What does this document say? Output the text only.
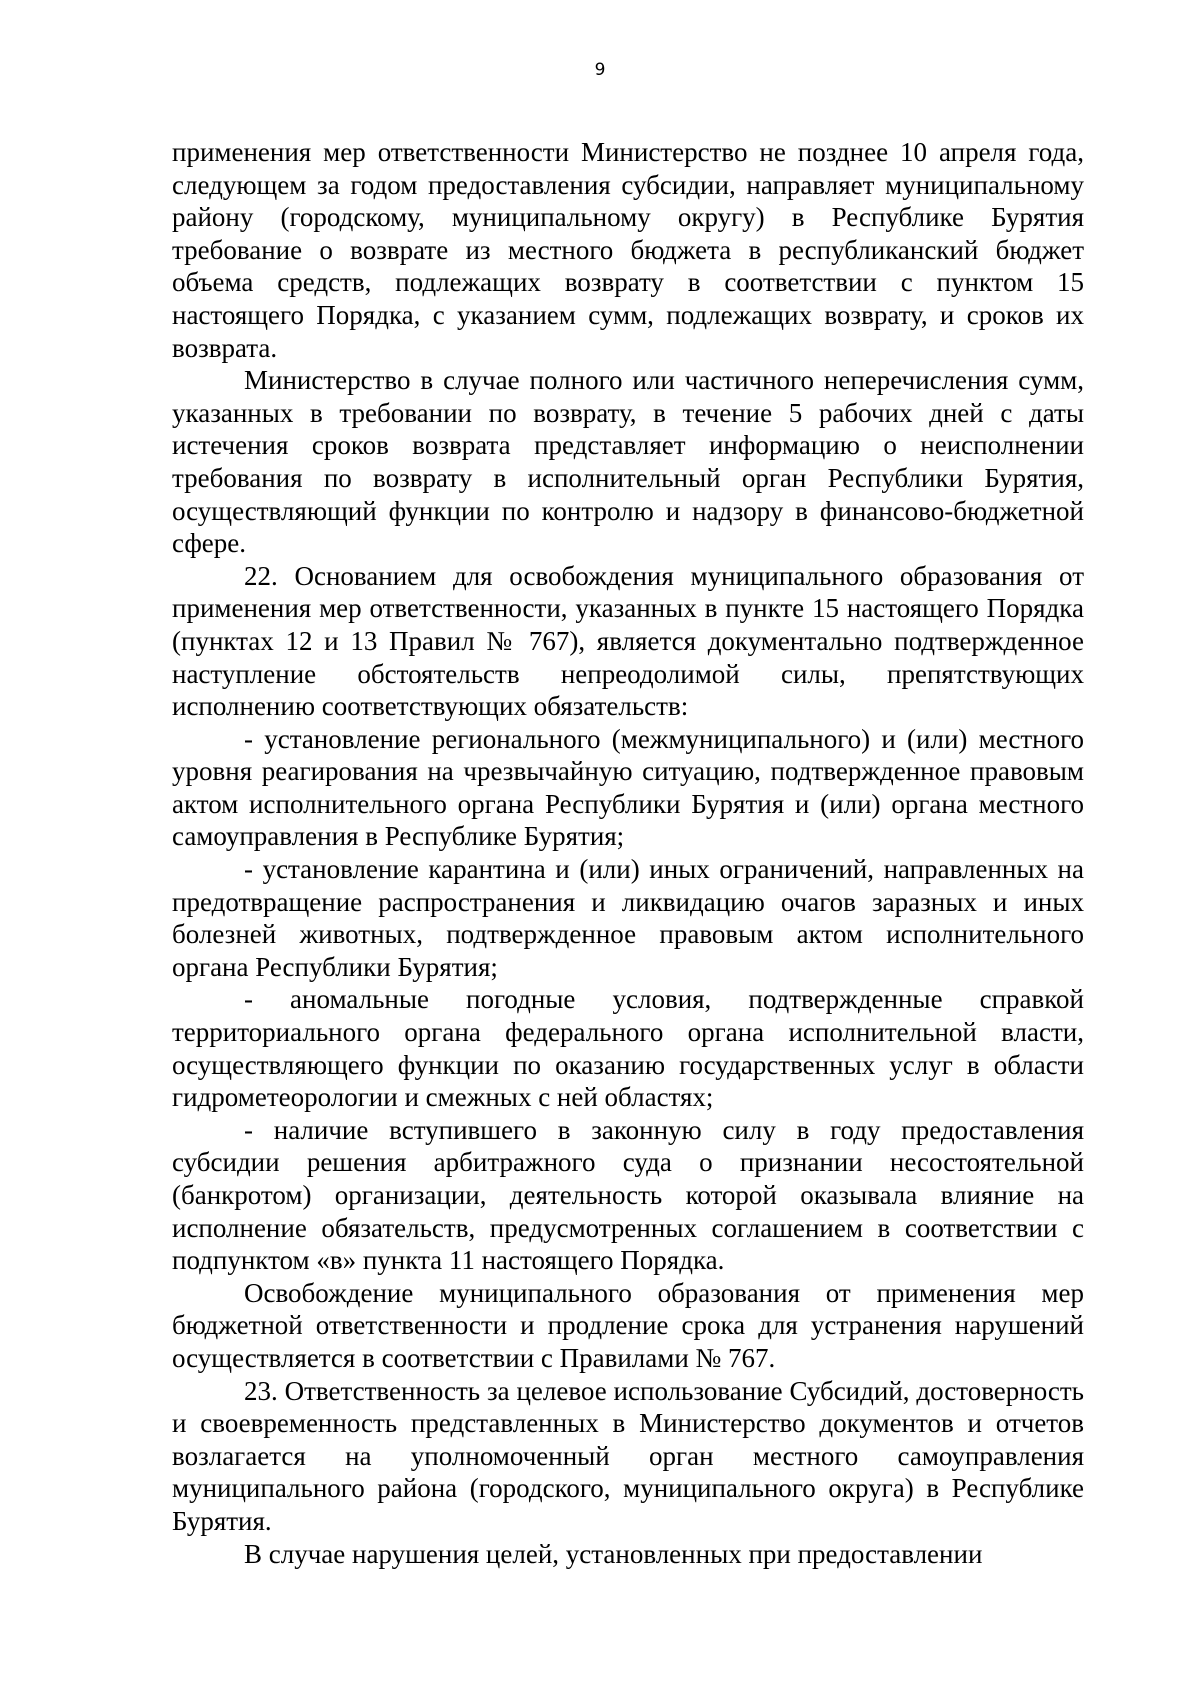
9

применения мер ответственности Министерство не позднее 10 апреля года, следующем за годом предоставления субсидии, направляет муниципальному району (городскому, муниципальному округу) в Республике Бурятия требование о возврате из местного бюджета в республиканский бюджет объема средств, подлежащих возврату в соответствии с пунктом 15 настоящего Порядка, с указанием сумм, подлежащих возврату, и сроков их возврата.

Министерство в случае полного или частичного неперечисления сумм, указанных в требовании по возврату, в течение 5 рабочих дней с даты истечения сроков возврата представляет информацию о неисполнении требования по возврату в исполнительный орган Республики Бурятия, осуществляющий функции по контролю и надзору в финансово-бюджетной сфере.

22. Основанием для освобождения муниципального образования от применения мер ответственности, указанных в пункте 15 настоящего Порядка (пунктах 12 и 13 Правил № 767), является документально подтвержденное наступление обстоятельств непреодолимой силы, препятствующих исполнению соответствующих обязательств:

- установление регионального (межмуниципального) и (или) местного уровня реагирования на чрезвычайную ситуацию, подтвержденное правовым актом исполнительного органа Республики Бурятия и (или) органа местного самоуправления в Республике Бурятия;

- установление карантина и (или) иных ограничений, направленных на предотвращение распространения и ликвидацию очагов заразных и иных болезней животных, подтвержденное правовым актом исполнительного органа Республики Бурятия;

- аномальные погодные условия, подтвержденные справкой территориального органа федерального органа исполнительной власти, осуществляющего функции по оказанию государственных услуг в области гидрометеорологии и смежных с ней областях;

- наличие вступившего в законную силу в году предоставления субсидии решения арбитражного суда о признании несостоятельной (банкротом) организации, деятельность которой оказывала влияние на исполнение обязательств, предусмотренных соглашением в соответствии с подпунктом «в» пункта 11 настоящего Порядка.

Освобождение муниципального образования от применения мер бюджетной ответственности и продление срока для устранения нарушений осуществляется в соответствии с Правилами № 767.

23. Ответственность за целевое использование Субсидий, достоверность и своевременность представленных в Министерство документов и отчетов возлагается на уполномоченный орган местного самоуправления муниципального района (городского, муниципального округа) в Республике Бурятия.

В случае нарушения целей, установленных при предоставлении
